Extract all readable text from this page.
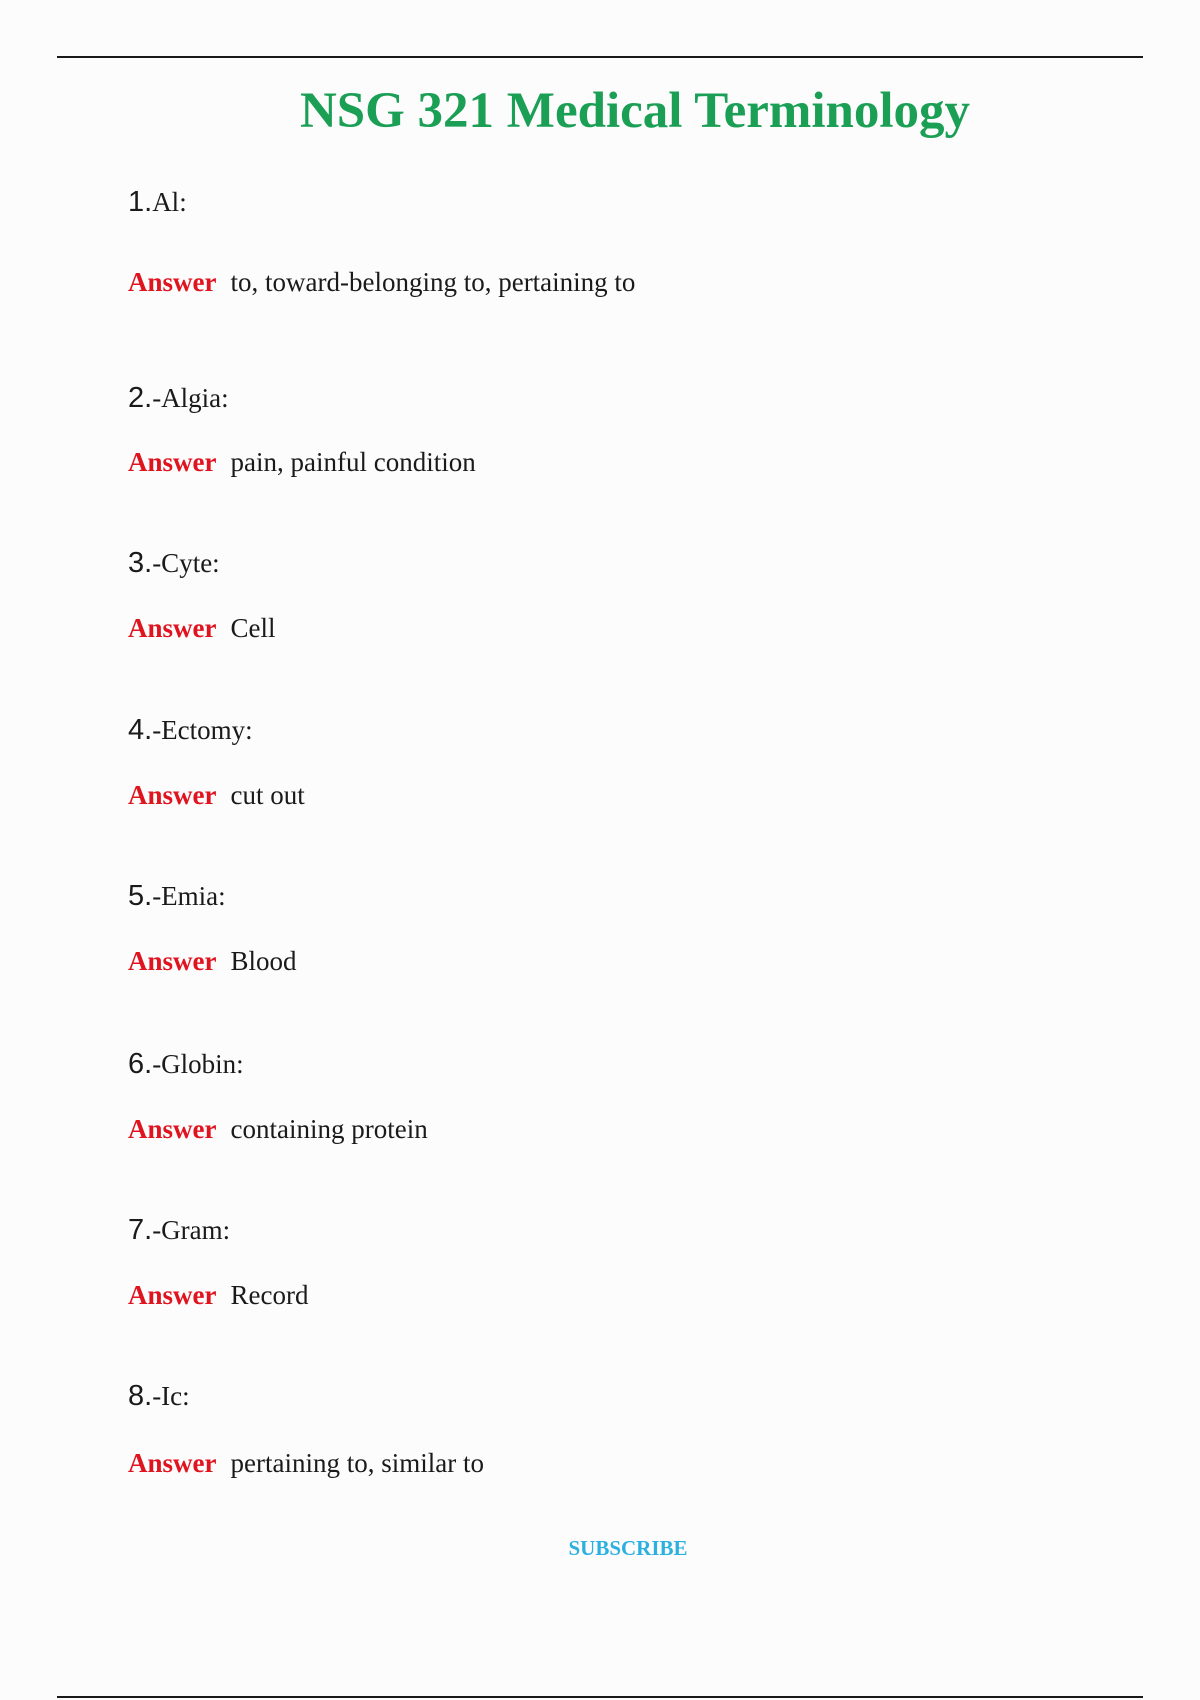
NSG 321 Medical Terminology
1.Al:
Answer to, toward-belonging to, pertaining to
2.-Algia:
Answer pain, painful condition
3.-Cyte:
Answer Cell
4.-Ectomy:
Answer cut out
5.-Emia:
Answer Blood
6.-Globin:
Answer containing protein
7.-Gram:
Answer Record
8.-Ic:
Answer pertaining to, similar to
SUBSCRIBE
